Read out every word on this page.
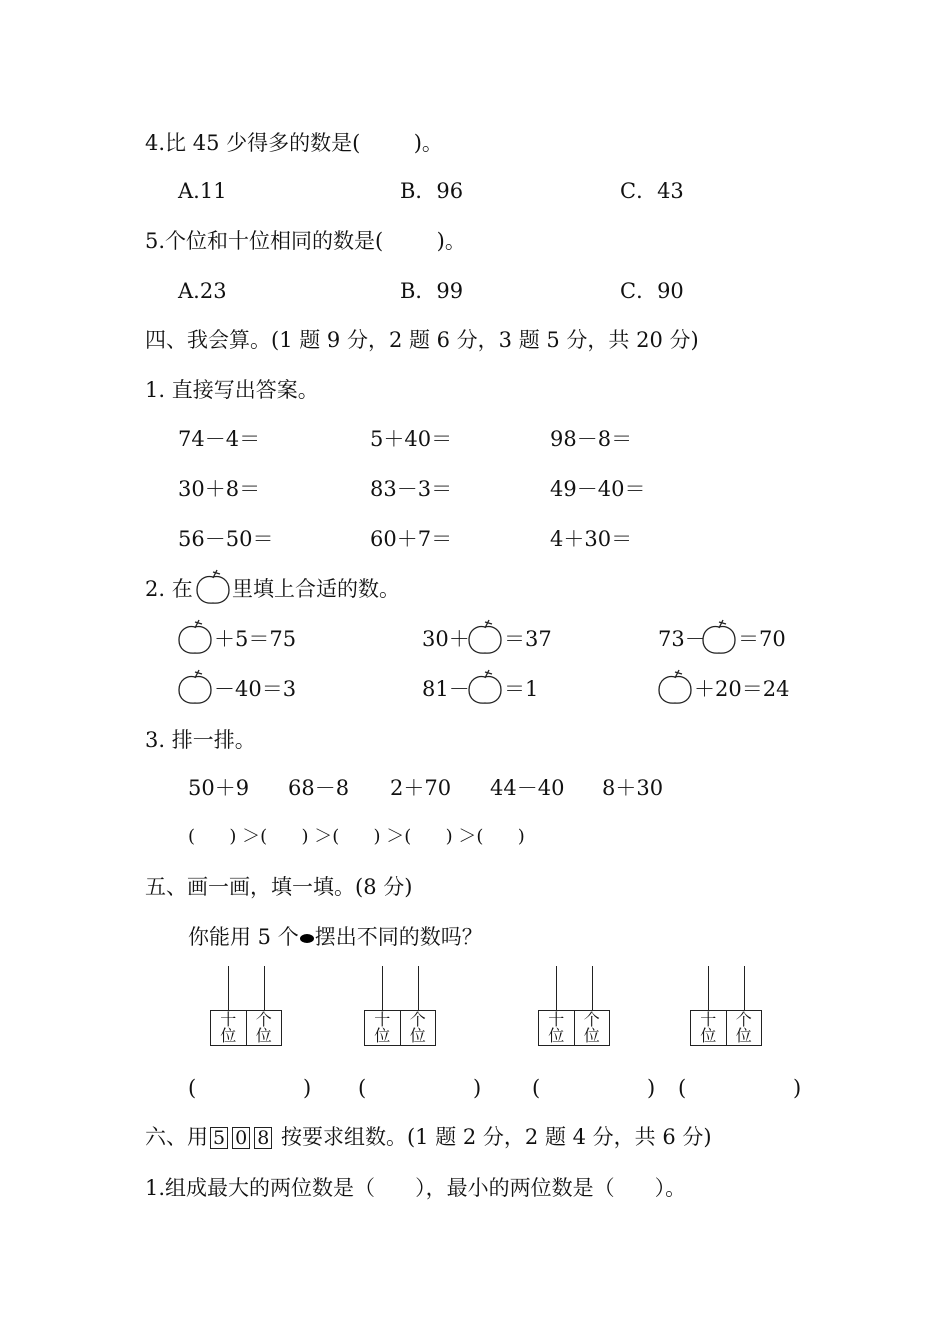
4.比 45 少得多的数是(        )。
A.11	B．96	C．43
5.个位和十位相同的数是(        )。
A.23	B．99	C．90
四、我会算。(1 题 9 分，2 题 6 分，3 题 5 分，共 20 分)
1. 直接写出答案。
74－4＝	5＋40＝	98－8＝
30＋8＝	83－3＝	49－40＝
56－50＝	60＋7＝	4＋30＝
2. 在 里填上合适的数。
＋5＝75	30＋ ＝37	73－ ＝70
－40＝3	81－ ＝1	＋20＝24
3. 排一排。
50＋9 68－8 2＋70 44－40 8＋30
(      ) ＞(      ) ＞(      ) ＞(      ) ＞(      )
五、画一画，填一填。(8 分)
你能用 5 个 摆出不同的数吗？
十
位
个
位
十
位
个
位
十
位
个
位
十
位
个
位
(                ) (                ) (                ) (                )
六、用 5 0 8 按要求组数。(1 题 2 分，2 题 4 分，共 6 分)
1.组成最大的两位数是（      ），最小的两位数是（      ）。
